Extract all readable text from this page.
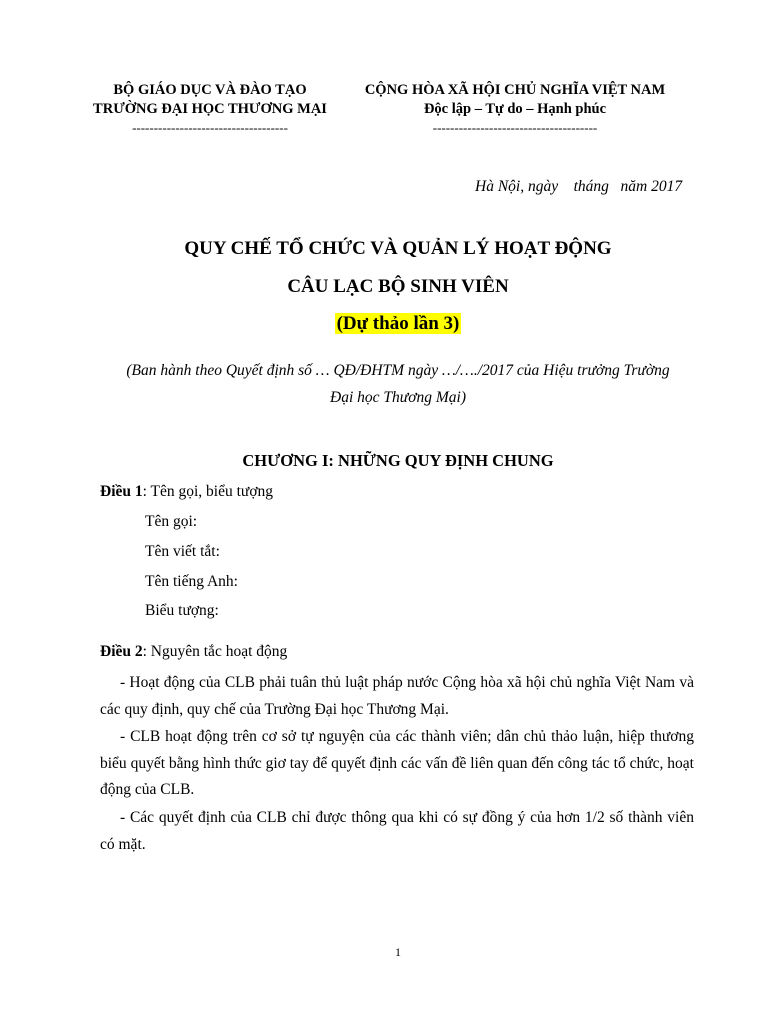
BỘ GIÁO DỤC VÀ ĐÀO TẠO
TRƯỜNG ĐẠI HỌC THƯƠNG MẠI
------------------------------------
CỘNG HÒA XÃ HỘI CHỦ NGHĨA VIỆT NAM
Độc lập – Tự do – Hạnh phúc
--------------------------------------
Hà Nội, ngày    tháng   năm 2017
QUY CHẾ TỔ CHỨC VÀ QUẢN LÝ HOẠT ĐỘNG
CÂU LẠC BỘ SINH VIÊN
(Dự thảo lần 3)
(Ban hành theo Quyết định số … QĐ/ĐHTM ngày …/…./2017 của Hiệu trưởng Trường
Đại học Thương Mại)
CHƯƠNG I: NHỮNG QUY ĐỊNH CHUNG
Điều 1: Tên gọi, biểu tượng
Tên gọi:
Tên viết tắt:
Tên tiếng Anh:
Biểu tượng:
Điều 2: Nguyên tắc hoạt động
- Hoạt động của CLB phải tuân thủ luật pháp nước Cộng hòa xã hội chủ nghĩa Việt Nam và các quy định, quy chế của Trường Đại học Thương Mại.
- CLB hoạt động trên cơ sở tự nguyện của các thành viên; dân chủ thảo luận, hiệp thương biểu quyết bằng hình thức giơ tay để quyết định các vấn đề liên quan đến công tác tổ chức, hoạt động của CLB.
- Các quyết định của CLB chỉ được thông qua khi có sự đồng ý của hơn 1/2 số thành viên có mặt.
1
